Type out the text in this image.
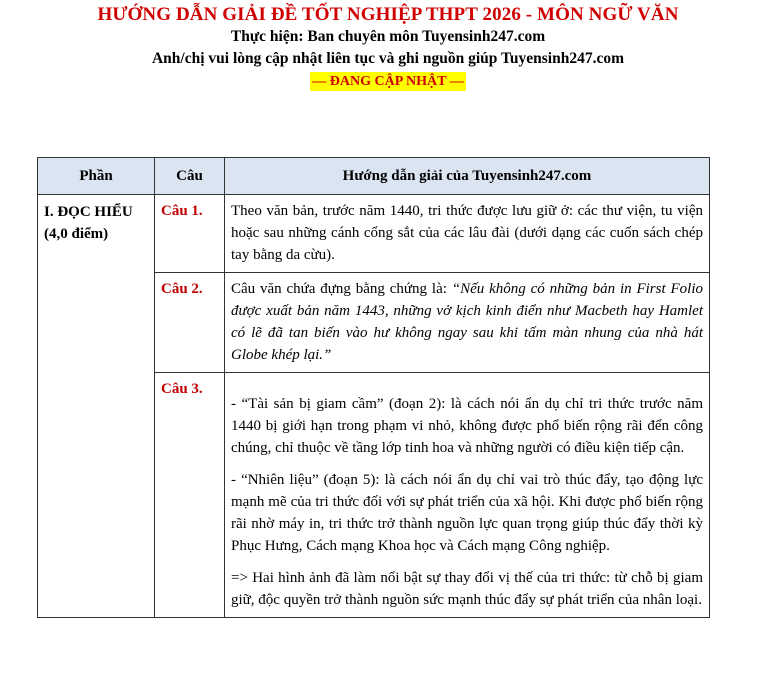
HƯỚNG DẪN GIẢI ĐỀ TỐT NGHIỆP THPT 2026 - MÔN NGỮ VĂN
Thực hiện: Ban chuyên môn Tuyensinh247.com
Anh/chị vui lòng cập nhật liên tục và ghi nguồn giúp Tuyensinh247.com
— ĐANG CẬP NHẬT —
Phần	Câu	Hướng dẫn giải của Tuyensinh247.com

I. ĐỌC HIỂU
(4,0 điểm)	Câu 1.	Theo văn bản, trước năm 1440, tri thức được lưu giữ ở: các thư viện, tu viện hoặc sau những cánh cổng sắt của các lâu đài (dưới dạng các cuốn sách chép tay bằng da cừu).

	Câu 2.	Câu văn chứa đựng bằng chứng là: “Nếu không có những bản in First Folio được xuất bản năm 1443, những vở kịch kinh điển như Macbeth hay Hamlet có lẽ đã tan biến vào hư không ngay sau khi tấm màn nhung của nhà hát Globe khép lại.”

	Câu 3.	- “Tài sản bị giam cầm” (đoạn 2): là cách nói ẩn dụ chỉ tri thức trước năm 1440 bị giới hạn trong phạm vi nhỏ, không được phổ biến rộng rãi đến công chúng, chỉ thuộc về tầng lớp tinh hoa và những người có điều kiện tiếp cận.

- “Nhiên liệu” (đoạn 5): là cách nói ẩn dụ chỉ vai trò thúc đẩy, tạo động lực mạnh mẽ của tri thức đối với sự phát triển của xã hội. Khi được phổ biến rộng rãi nhờ máy in, tri thức trở thành nguồn lực quan trọng giúp thúc đẩy thời kỳ Phục Hưng, Cách mạng Khoa học và Cách mạng Công nghiệp.

=> Hai hình ảnh đã làm nổi bật sự thay đổi vị thế của tri thức: từ chỗ bị giam giữ, độc quyền trở thành nguồn sức mạnh thúc đẩy sự phát triển của nhân loại.
